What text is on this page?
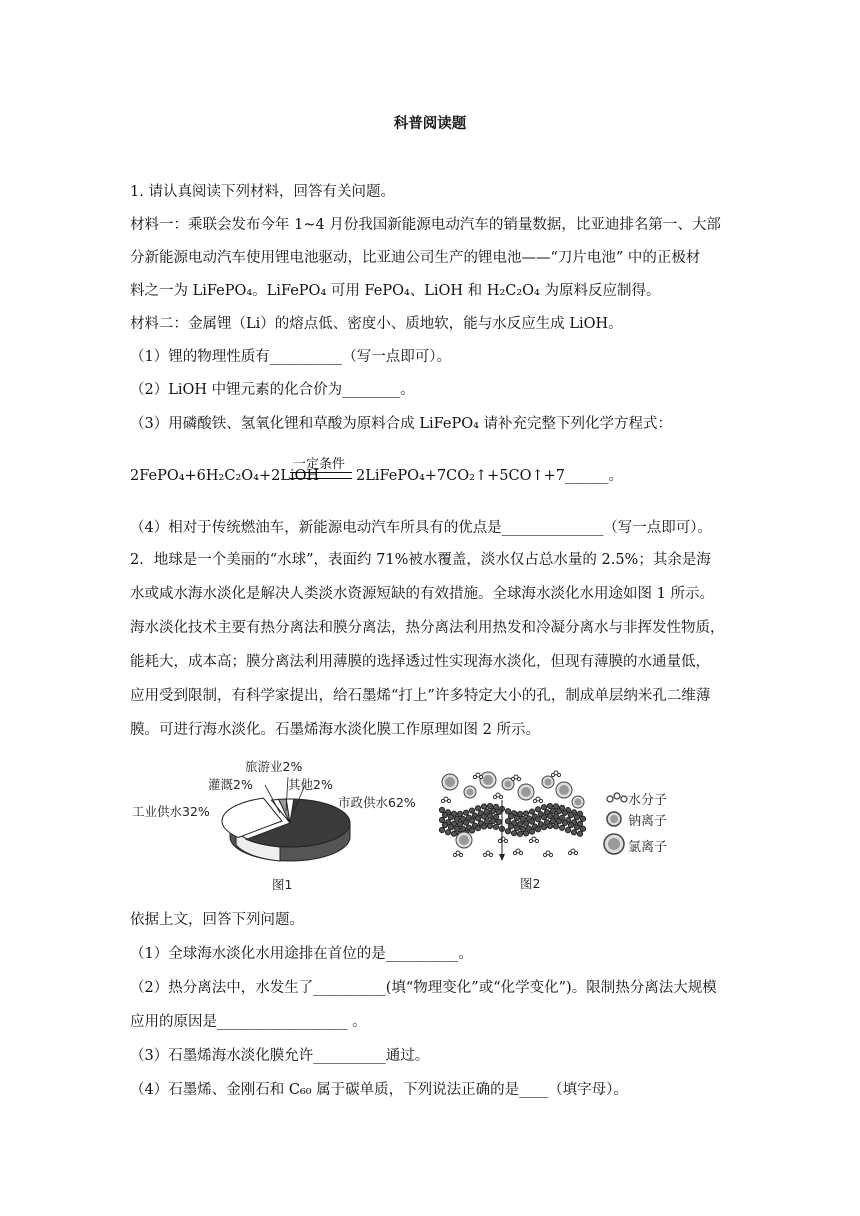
科普阅读题
1. 请认真阅读下列材料，回答有关问题。
材料一：乘联会发布今年 1~4 月份我国新能源电动汽车的销量数据，比亚迪排名第一、大部
分新能源电动汽车使用锂电池驱动，比亚迪公司生产的锂电池——“刀片电池” 中的正极材
料之一为 LiFePO₄。LiFePO₄ 可用 FePO₄、LiOH 和 H₂C₂O₄ 为原料反应制得。
材料二：金属锂（Li）的熔点低、密度小、质地软，能与水反应生成 LiOH。
（1）锂的物理性质有__________（写一点即可）。
（2）LiOH 中锂元素的化合价为________。
（3）用磷酸铁、氢氧化锂和草酸为原料合成 LiFePO₄ 请补充完整下列化学方程式：
2FePO₄+6H₂C₂O₄+2LiOH
一定条件
2LiFePO₄+7CO₂↑+5CO↑+7______。
（4）相对于传统燃油车，新能源电动汽车所具有的优点是______________（写一点即可）。
2．地球是一个美丽的“水球”，表面约 71%被水覆盖，淡水仅占总水量的 2.5%；其余是海
水或咸水海水淡化是解决人类淡水资源短缺的有效措施。全球海水淡化水用途如图 1 所示。
海水淡化技术主要有热分离法和膜分离法，热分离法利用热发和冷凝分离水与非挥发性物质，
能耗大，成本高；膜分离法利用薄膜的选择透过性实现海水淡化，但现有薄膜的水通量低，
应用受到限制，有科学家提出，给石墨烯“打上”许多特定大小的孔，制成单层纳米孔二维薄
膜。可进行海水淡化。石墨烯海水淡化膜工作原理如图 2 所示。
旅游业2%
灌溉2%	其他2%
工业供水32%
市政供水62%
图1	图2
水分子
钠离子
氯离子
依据上文，回答下列问题。
（1）全球海水淡化水用途排在首位的是__________。
（2）热分离法中，水发生了__________(填“物理变化”或“化学变化”)。限制热分离法大规模
应用的原因是__________________ 。
（3）石墨烯海水淡化膜允许__________通过。
（4）石墨烯、金刚石和 C₆₀ 属于碳单质，下列说法正确的是____（填字母）。
